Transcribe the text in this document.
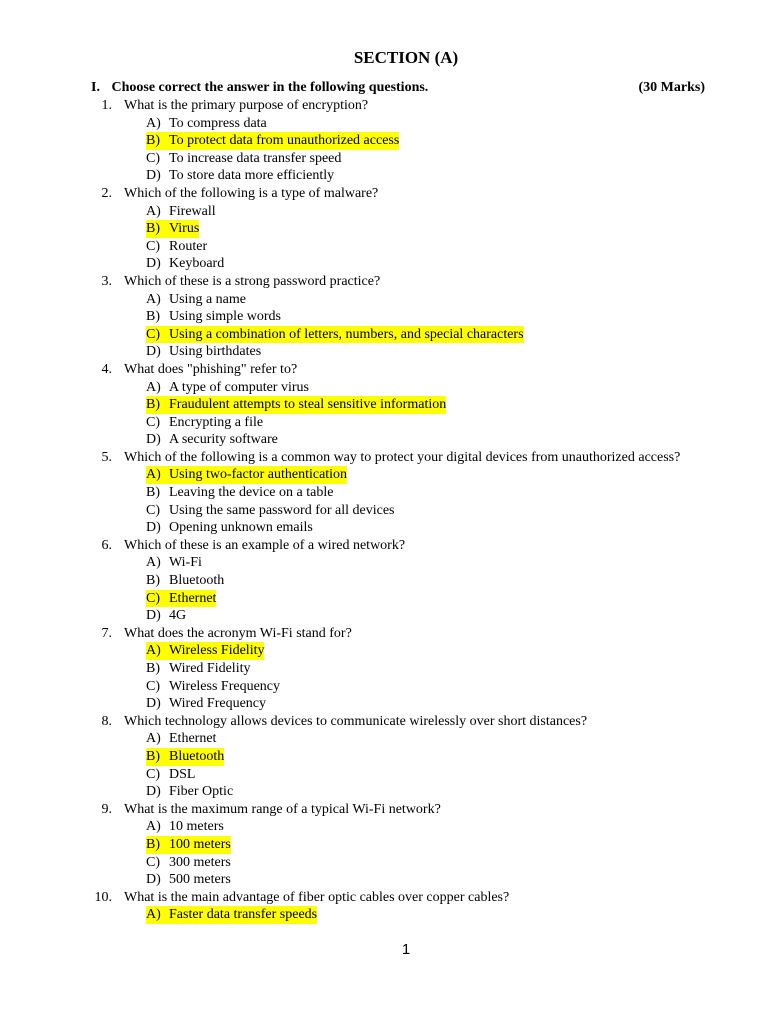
SECTION (A)
I. Choose correct the answer in the following questions.	(30 Marks)
1. What is the primary purpose of encryption?
A) To compress data
B) To protect data from unauthorized access
C) To increase data transfer speed
D) To store data more efficiently
2. Which of the following is a type of malware?
A) Firewall
B) Virus
C) Router
D) Keyboard
3. Which of these is a strong password practice?
A) Using a name
B) Using simple words
C) Using a combination of letters, numbers, and special characters
D) Using birthdates
4. What does "phishing" refer to?
A) A type of computer virus
B) Fraudulent attempts to steal sensitive information
C) Encrypting a file
D) A security software
5. Which of the following is a common way to protect your digital devices from unauthorized access?
A) Using two-factor authentication
B) Leaving the device on a table
C) Using the same password for all devices
D) Opening unknown emails
6. Which of these is an example of a wired network?
A) Wi-Fi
B) Bluetooth
C) Ethernet
D) 4G
7. What does the acronym Wi-Fi stand for?
A) Wireless Fidelity
B) Wired Fidelity
C) Wireless Frequency
D) Wired Frequency
8. Which technology allows devices to communicate wirelessly over short distances?
A) Ethernet
B) Bluetooth
C) DSL
D) Fiber Optic
9. What is the maximum range of a typical Wi-Fi network?
A) 10 meters
B) 100 meters
C) 300 meters
D) 500 meters
10. What is the main advantage of fiber optic cables over copper cables?
A) Faster data transfer speeds
1
